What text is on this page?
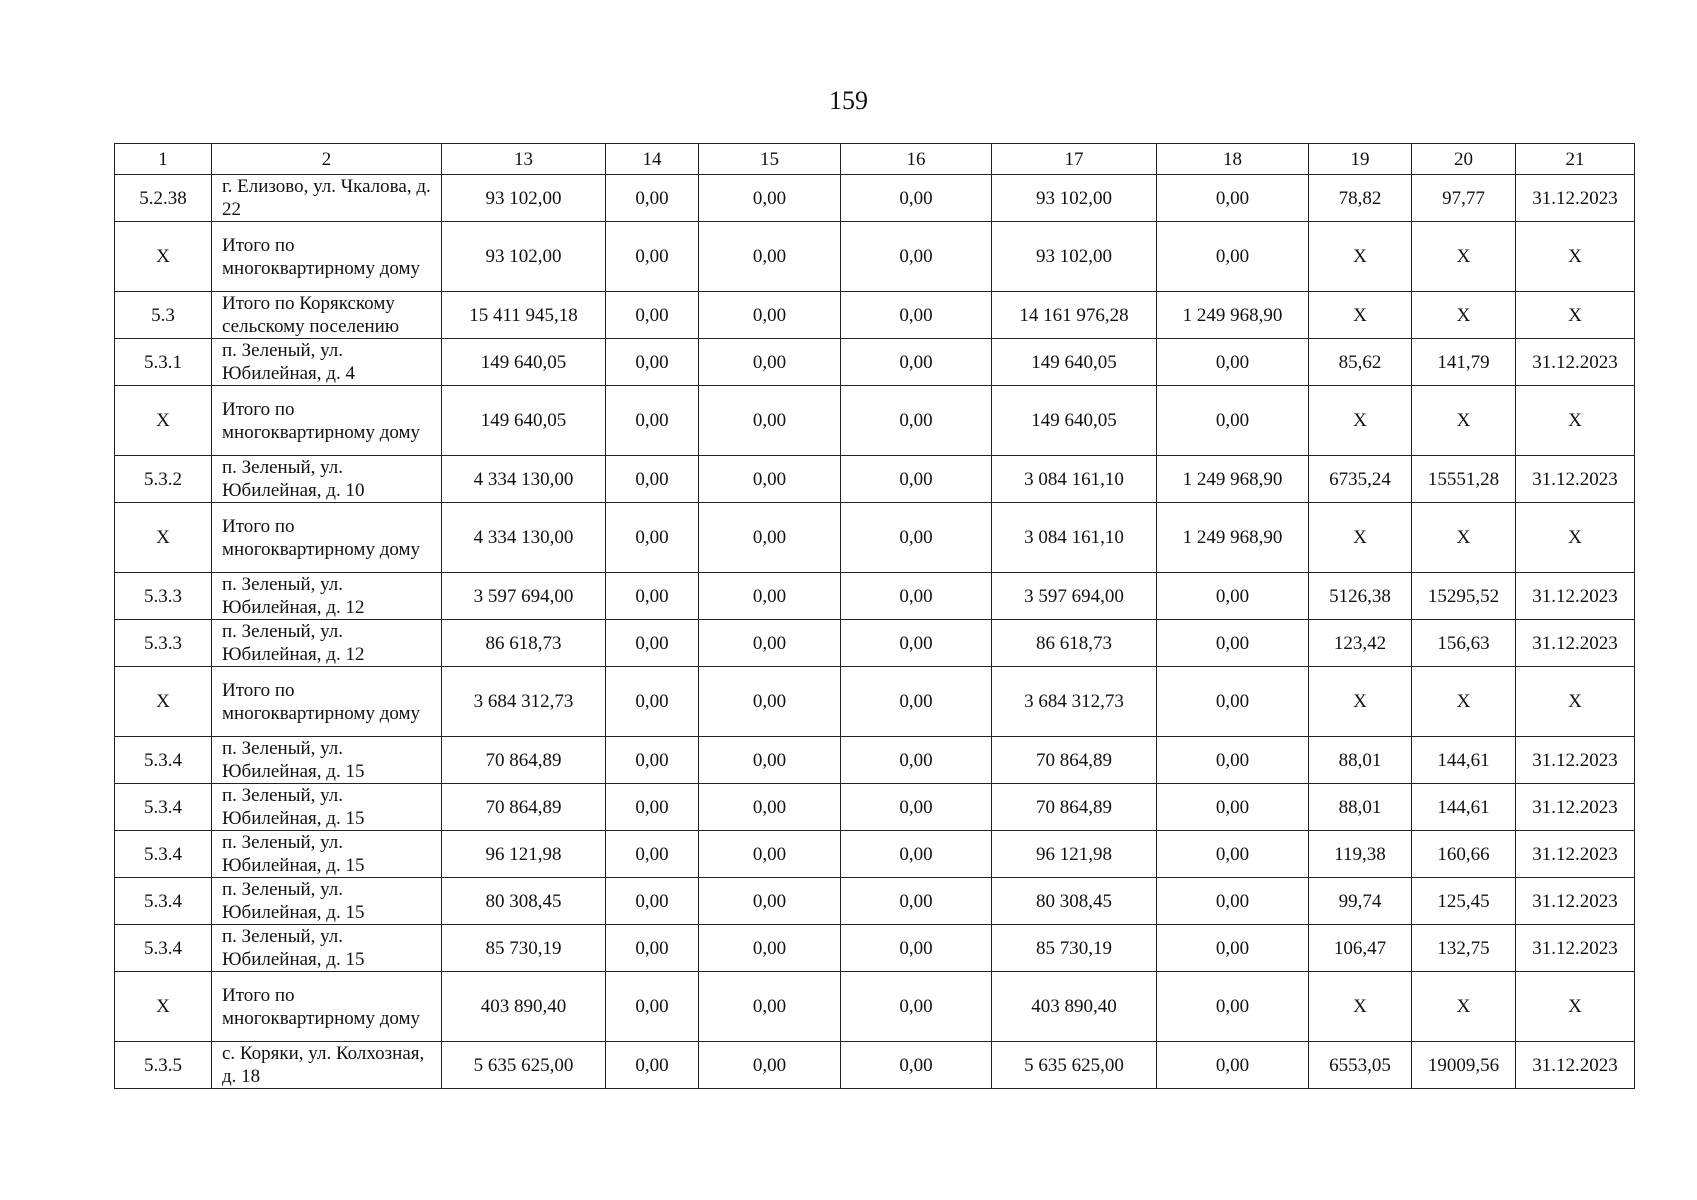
159
1	2	13	14	15	16	17	18	19	20	21
5.2.38	г. Елизово, ул. Чкалова, д. 22	93 102,00	0,00	0,00	0,00	93 102,00	0,00	78,82	97,77	31.12.2023
Х	Итого по многоквартирному дому	93 102,00	0,00	0,00	0,00	93 102,00	0,00	Х	Х	Х
5.3	Итого по Корякскому сельскому поселению	15 411 945,18	0,00	0,00	0,00	14 161 976,28	1 249 968,90	Х	Х	Х
5.3.1	п. Зеленый, ул. Юбилейная, д. 4	149 640,05	0,00	0,00	0,00	149 640,05	0,00	85,62	141,79	31.12.2023
Х	Итого по многоквартирному дому	149 640,05	0,00	0,00	0,00	149 640,05	0,00	Х	Х	Х
5.3.2	п. Зеленый, ул. Юбилейная, д. 10	4 334 130,00	0,00	0,00	0,00	3 084 161,10	1 249 968,90	6735,24	15551,28	31.12.2023
Х	Итого по многоквартирному дому	4 334 130,00	0,00	0,00	0,00	3 084 161,10	1 249 968,90	Х	Х	Х
5.3.3	п. Зеленый, ул. Юбилейная, д. 12	3 597 694,00	0,00	0,00	0,00	3 597 694,00	0,00	5126,38	15295,52	31.12.2023
5.3.3	п. Зеленый, ул. Юбилейная, д. 12	86 618,73	0,00	0,00	0,00	86 618,73	0,00	123,42	156,63	31.12.2023
Х	Итого по многоквартирному дому	3 684 312,73	0,00	0,00	0,00	3 684 312,73	0,00	Х	Х	Х
5.3.4	п. Зеленый, ул. Юбилейная, д. 15	70 864,89	0,00	0,00	0,00	70 864,89	0,00	88,01	144,61	31.12.2023
5.3.4	п. Зеленый, ул. Юбилейная, д. 15	70 864,89	0,00	0,00	0,00	70 864,89	0,00	88,01	144,61	31.12.2023
5.3.4	п. Зеленый, ул. Юбилейная, д. 15	96 121,98	0,00	0,00	0,00	96 121,98	0,00	119,38	160,66	31.12.2023
5.3.4	п. Зеленый, ул. Юбилейная, д. 15	80 308,45	0,00	0,00	0,00	80 308,45	0,00	99,74	125,45	31.12.2023
5.3.4	п. Зеленый, ул. Юбилейная, д. 15	85 730,19	0,00	0,00	0,00	85 730,19	0,00	106,47	132,75	31.12.2023
Х	Итого по многоквартирному дому	403 890,40	0,00	0,00	0,00	403 890,40	0,00	Х	Х	Х
5.3.5	с. Коряки, ул. Колхозная, д. 18	5 635 625,00	0,00	0,00	0,00	5 635 625,00	0,00	6553,05	19009,56	31.12.2023
